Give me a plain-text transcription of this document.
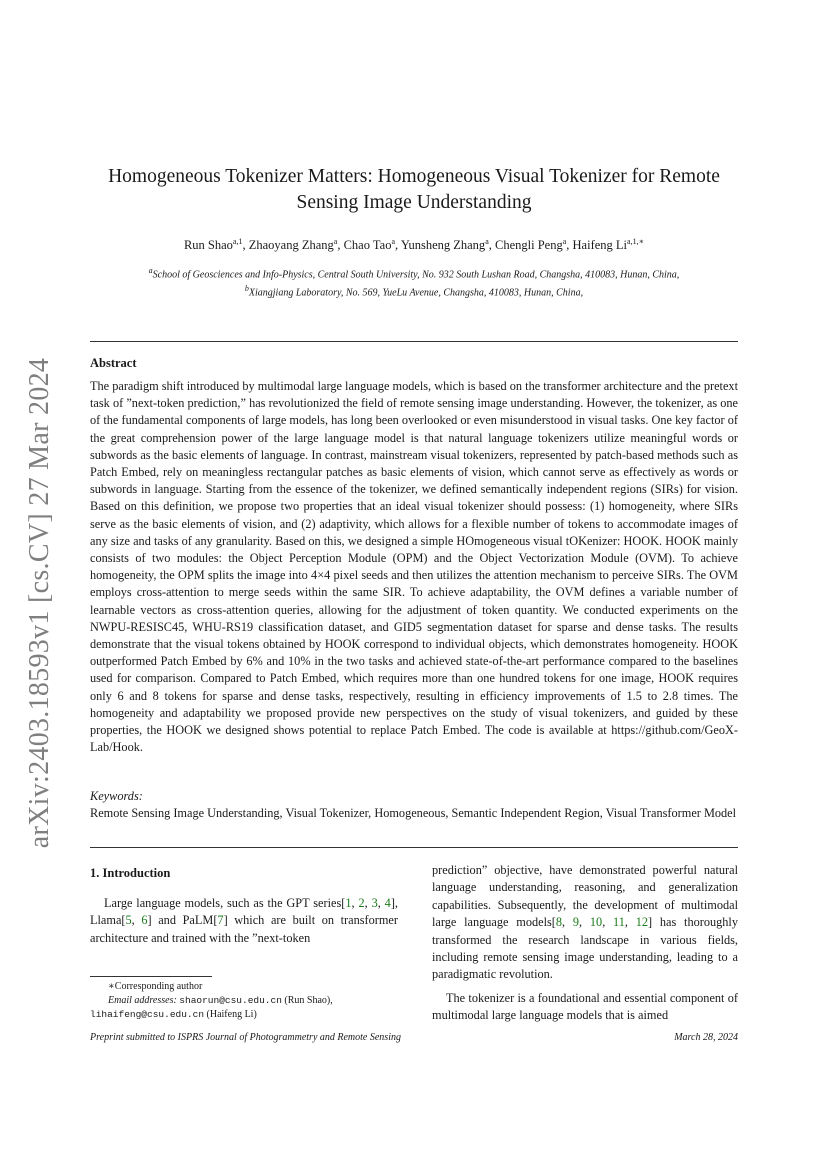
arXiv:2403.18593v1 [cs.CV] 27 Mar 2024
Homogeneous Tokenizer Matters: Homogeneous Visual Tokenizer for Remote Sensing Image Understanding
Run Shao$^{a,1}$, Zhaoyang Zhang$^a$, Chao Tao$^a$, Yunsheng Zhang$^a$, Chengli Peng$^a$, Haifeng $Li^{a,1,∗}$
$^a$School of Geosciences and Info-Physics, Central South University, No. 932 South Lushan Road, Changsha, 410083, Hunan, China,
$^b$Xiangjiang Laboratory, No. 569, YueLu Avenue, Changsha, 410083, Hunan, China,

Abstract

The paradigm shift introduced by multimodal large language models, which is based on the transformer architecture and the pretext task of ”next-token prediction,” has revolutionized the field of remote sensing image understanding. However, the tokenizer, as one of the fundamental components of large models, has long been overlooked or even misunderstood in visual tasks. One key factor of the great comprehension power of the large language model is that natural language tokenizers utilize meaningful words or subwords as the basic elements of language. In contrast, mainstream visual tokenizers, represented by patch-based methods such as Patch Embed, rely on meaningless rectangular patches as basic elements of vision, which cannot serve as effectively as words or subwords in language. Starting from the essence of the tokenizer, we defined semantically independent regions (SIRs) for vision. Based on this definition, we propose two properties that an ideal visual tokenizer should possess: (1) homogeneity, where SIRs serve as the basic elements of vision, and (2) adaptivity, which allows for a flexible number of tokens to accommodate images of any size and tasks of any granularity. Based on this, we designed a simple HOmogeneous visual tOKenizer: HOOK. HOOK mainly consists of two modules: the Object Perception Module (OPM) and the Object Vectorization Module (OVM). To achieve homogeneity, the OPM splits the image into 4×4 pixel seeds and then utilizes the attention mechanism to perceive SIRs. The OVM employs cross-attention to merge seeds within the same SIR. To achieve adaptability, the OVM defines a variable number of learnable vectors as cross-attention queries, allowing for the adjustment of token quantity. We conducted experiments on the NWPU-RESISC45, WHU-RS19 classification dataset, and GID5 segmentation dataset for sparse and dense tasks. The results demonstrate that the visual tokens obtained by HOOK correspond to individual objects, which demonstrates homogeneity. HOOK outperformed Patch Embed by 6% and 10% in the two tasks and achieved state-of-the-art performance compared to the baselines used for comparison. Compared to Patch Embed, which requires more than one hundred tokens for one image, HOOK requires only 6 and 8 tokens for sparse and dense tasks, respectively, resulting in efficiency improvements of 1.5 to 2.8 times. The homogeneity and adaptability we proposed provide new perspectives on the study of visual tokenizers, and guided by these properties, the HOOK we designed shows potential to replace Patch Embed. The code is available at https://github.com/GeoX-Lab/Hook.

Keywords:

Remote Sensing Image Understanding, Visual Tokenizer, Homogeneous, Semantic Independent Region, Visual Transformer Model

1. Introduction

Large language models, such as the GPT series[1, 2, 3, 4], Llama[5, 6] and PaLM[7] which are built on transformer architecture and trained with the ”next-token

prediction” objective, have demonstrated powerful natural language understanding, reasoning, and generalization capabilities. Subsequently, the development of multimodal large language models[8, 9, 10, 11, 12] has thoroughly transformed the research landscape in various fields, including remote sensing image understanding, leading to a paradigmatic revolution.

The tokenizer is a foundational and essential component of multimodal large language models that is aimed

∗Corresponding author

Email addresses: shaorun@csu.edu.cn (Run Shao),

lihaifeng@csu.edu.cn (Haifeng Li)

Preprint submitted to ISPRS Journal of Photogrammetry and Remote Sensing	March 28, 2024
